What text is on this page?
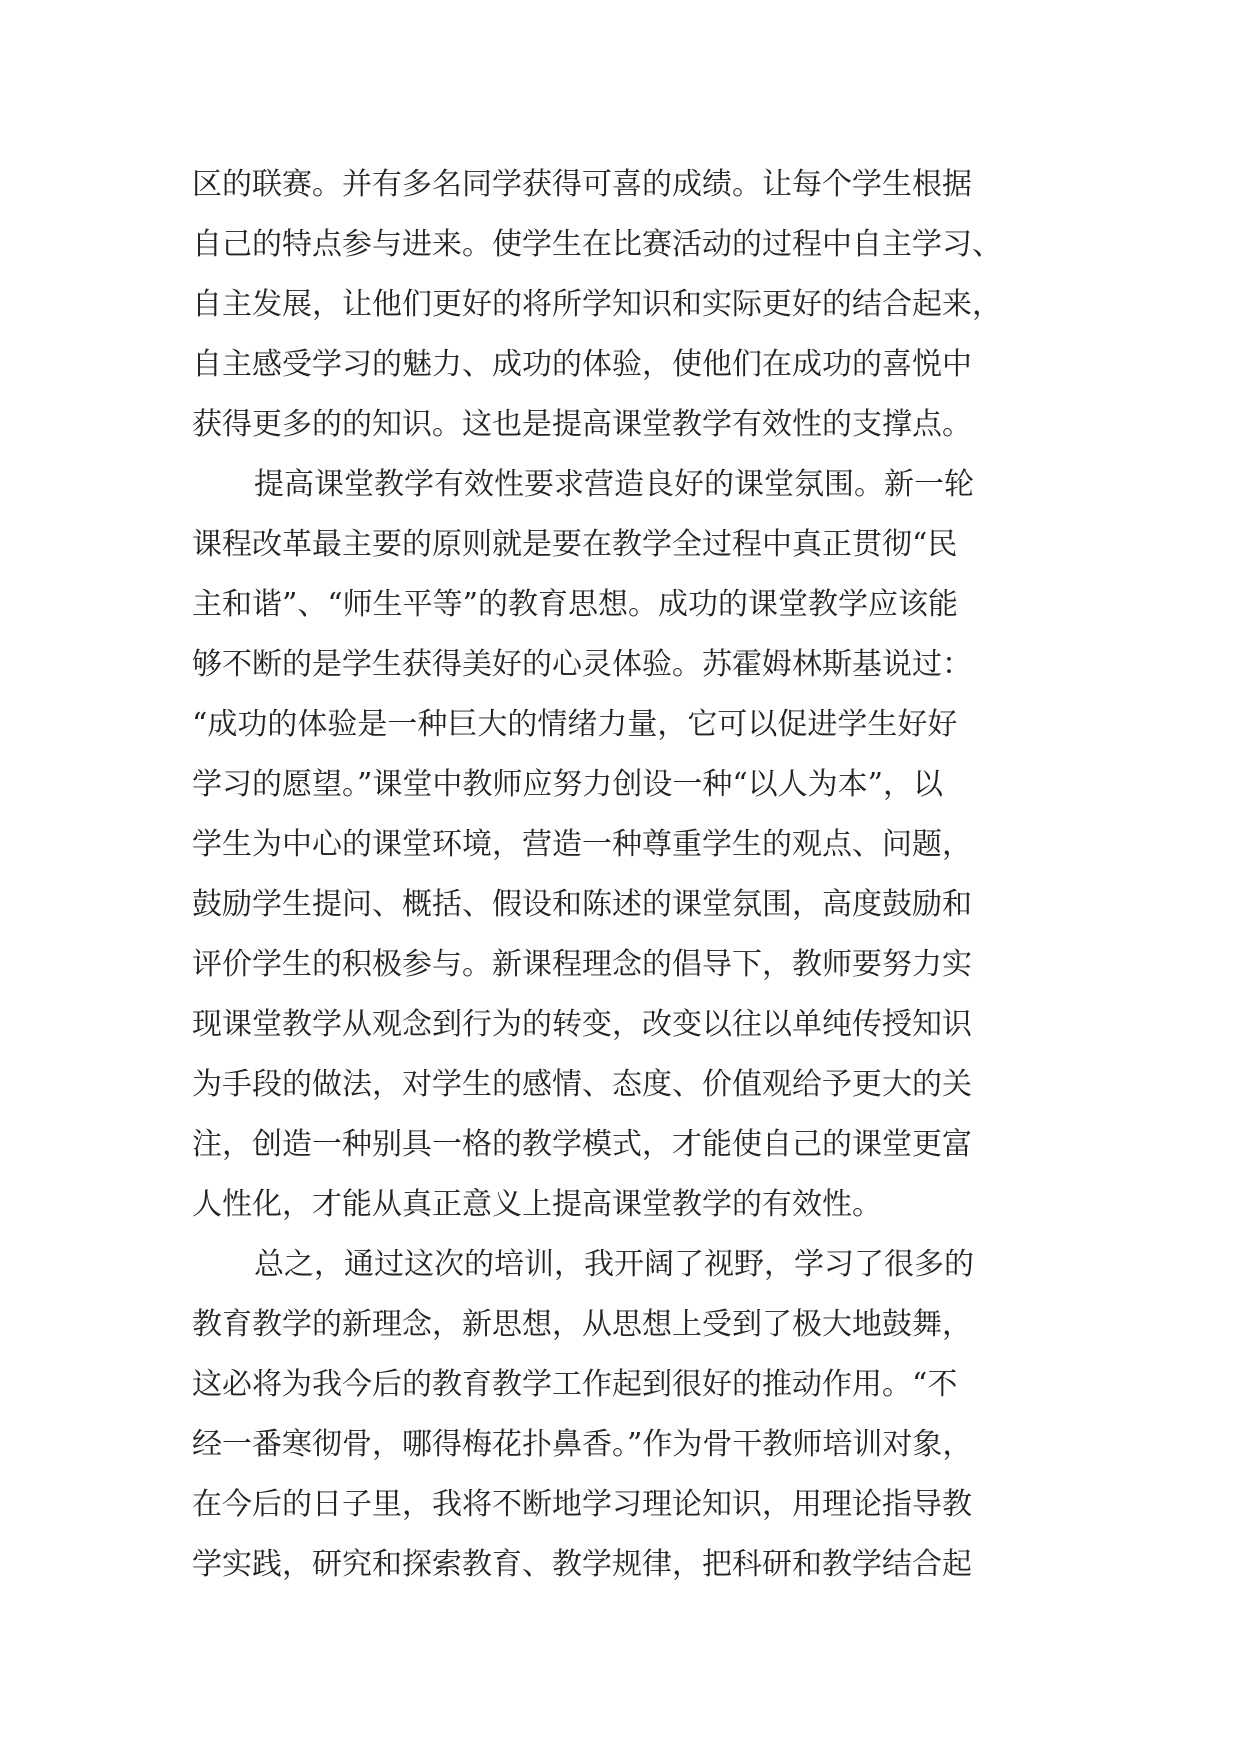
区的联赛。并有多名同学获得可喜的成绩。让每个学生根据
自己的特点参与进来。使学生在比赛活动的过程中自主学习、
自主发展，让他们更好的将所学知识和实际更好的结合起来，
自主感受学习的魅力、成功的体验，使他们在成功的喜悦中
获得更多的的知识。这也是提高课堂教学有效性的支撑点。
提高课堂教学有效性要求营造良好的课堂氛围。新一轮
课程改革最主要的原则就是要在教学全过程中真正贯彻“民
主和谐”、“师生平等”的教育思想。成功的课堂教学应该能
够不断的是学生获得美好的心灵体验。苏霍姆林斯基说过：
“成功的体验是一种巨大的情绪力量，它可以促进学生好好
学习的愿望。”课堂中教师应努力创设一种“以人为本”，以
学生为中心的课堂环境，营造一种尊重学生的观点、问题，
鼓励学生提问、概括、假设和陈述的课堂氛围，高度鼓励和
评价学生的积极参与。新课程理念的倡导下，教师要努力实
现课堂教学从观念到行为的转变，改变以往以单纯传授知识
为手段的做法，对学生的感情、态度、价值观给予更大的关
注，创造一种别具一格的教学模式，才能使自己的课堂更富
人性化，才能从真正意义上提高课堂教学的有效性。
总之，通过这次的培训，我开阔了视野，学习了很多的
教育教学的新理念，新思想，从思想上受到了极大地鼓舞，
这必将为我今后的教育教学工作起到很好的推动作用。“不
经一番寒彻骨，哪得梅花扑鼻香。”作为骨干教师培训对象，
在今后的日子里，我将不断地学习理论知识，用理论指导教
学实践，研究和探索教育、教学规律，把科研和教学结合起
